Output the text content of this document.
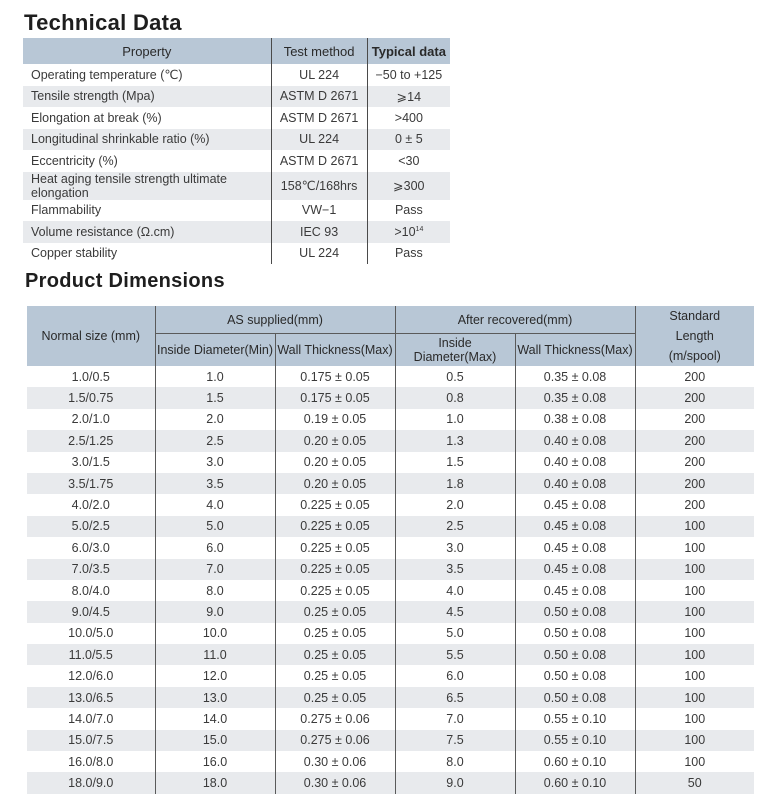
Technical Data
Property	Test method	Typical data
Operating temperature (℃)	UL 224	−50 to +125
Tensile strength (Mpa)	ASTM D 2671	⩾14
Elongation at break (%)	ASTM D 2671	>400
Longitudinal shrinkable ratio (%)	UL 224	0 ± 5
Eccentricity (%)	ASTM D 2671	<30
Heat aging tensile strength ultimate elongation	158℃/168hrs	⩾300
Flammability	VW−1	Pass
Volume resistance (Ω.cm)	IEC 93	$>10^{14}$
Copper stability	UL 224	Pass
Product Dimensions
Normal size (mm)	AS supplied(mm)		After recovered(mm)		Standard Length (m/spool)
	Inside Diameter(Min)	Wall Thickness(Max)	Inside Diameter(Max)	Wall Thickness(Max)	
1.0/0.5	1.0	0.175 ± 0.05	0.5	0.35 ± 0.08	200
1.5/0.75	1.5	0.175 ± 0.05	0.8	0.35 ± 0.08	200
2.0/1.0	2.0	0.19 ± 0.05	1.0	0.38 ± 0.08	200
2.5/1.25	2.5	0.20 ± 0.05	1.3	0.40 ± 0.08	200
3.0/1.5	3.0	0.20 ± 0.05	1.5	0.40 ± 0.08	200
3.5/1.75	3.5	0.20 ± 0.05	1.8	0.40 ± 0.08	200
4.0/2.0	4.0	0.225 ± 0.05	2.0	0.45 ± 0.08	200
5.0/2.5	5.0	0.225 ± 0.05	2.5	0.45 ± 0.08	100
6.0/3.0	6.0	0.225 ± 0.05	3.0	0.45 ± 0.08	100
7.0/3.5	7.0	0.225 ± 0.05	3.5	0.45 ± 0.08	100
8.0/4.0	8.0	0.225 ± 0.05	4.0	0.45 ± 0.08	100
9.0/4.5	9.0	0.25 ± 0.05	4.5	0.50 ± 0.08	100
10.0/5.0	10.0	0.25 ± 0.05	5.0	0.50 ± 0.08	100
11.0/5.5	11.0	0.25 ± 0.05	5.5	0.50 ± 0.08	100
12.0/6.0	12.0	0.25 ± 0.05	6.0	0.50 ± 0.08	100
13.0/6.5	13.0	0.25 ± 0.05	6.5	0.50 ± 0.08	100
14.0/7.0	14.0	0.275 ± 0.06	7.0	0.55 ± 0.10	100
15.0/7.5	15.0	0.275 ± 0.06	7.5	0.55 ± 0.10	100
16.0/8.0	16.0	0.30 ± 0.06	8.0	0.60 ± 0.10	100
18.0/9.0	18.0	0.30 ± 0.06	9.0	0.60 ± 0.10	50
